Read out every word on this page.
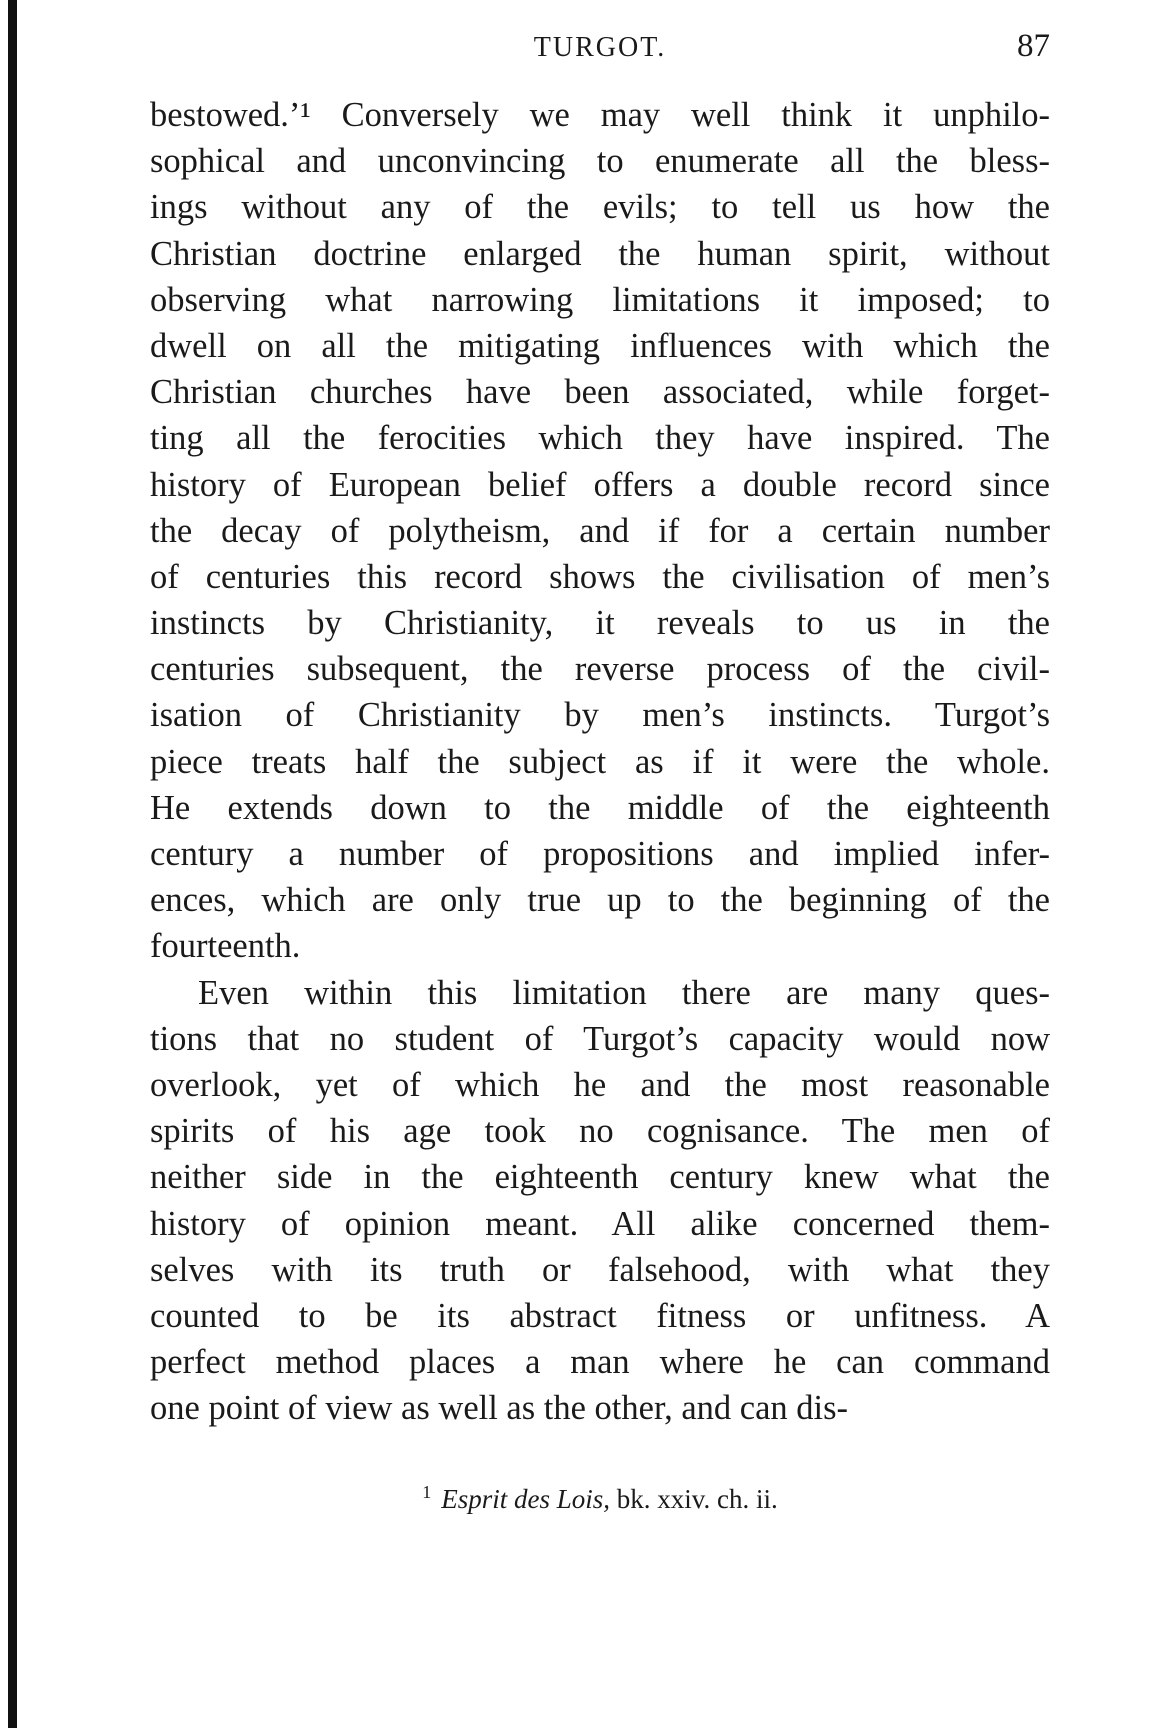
TURGOT.	87
bestowed.’¹ Conversely we may well think it unphilo-
sophical and unconvincing to enumerate all the bless-
ings without any of the evils; to tell us how the
Christian doctrine enlarged the human spirit, without
observing what narrowing limitations it imposed; to
dwell on all the mitigating influences with which the
Christian churches have been associated, while forget-
ting all the ferocities which they have inspired. The
history of European belief offers a double record since
the decay of polytheism, and if for a certain number
of centuries this record shows the civilisation of men’s
instincts by Christianity, it reveals to us in the
centuries subsequent, the reverse process of the civil-
isation of Christianity by men’s instincts. Turgot’s
piece treats half the subject as if it were the whole.
He extends down to the middle of the eighteenth
century a number of propositions and implied infer-
ences, which are only true up to the beginning of the
fourteenth.
Even within this limitation there are many ques-
tions that no student of Turgot’s capacity would now
overlook, yet of which he and the most reasonable
spirits of his age took no cognisance. The men of
neither side in the eighteenth century knew what the
history of opinion meant. All alike concerned them-
selves with its truth or falsehood, with what they
counted to be its abstract fitness or unfitness. A
perfect method places a man where he can command
one point of view as well as the other, and can dis-
$^1$ Esprit des Lois, bk. xxiv. ch. ii.
